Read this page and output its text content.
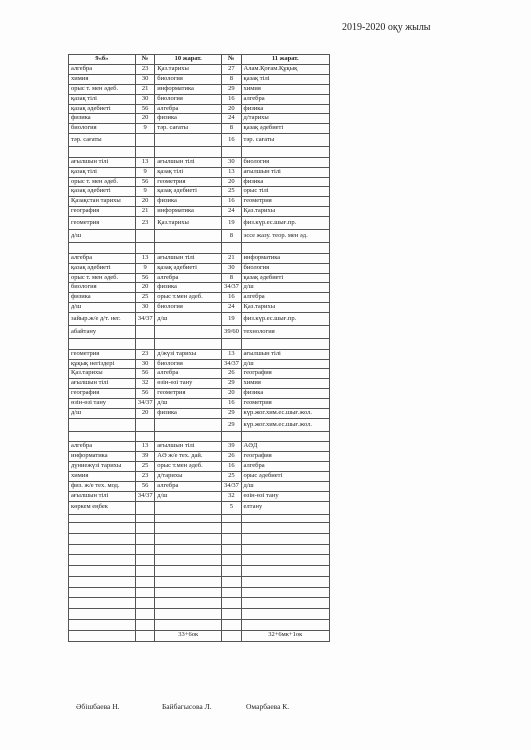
2019-2020 оқу жылы
9«б»	№	10 жарат.	№	11 жарат.
алгебра	23	Қаз.тарихы	27	Алам.Қоғам.Құқық
химия	30	биология	8	қазақ тілі
орыс т. мен әдеб.	21	информатика	29	химия
қазақ тілі	30	биология	16	алгебра
қазақ әдебиеті	56	алгебра	20	физика
физика	20	физика	24	д/тарихы
биология	9	тәр. сағаты	8	қазақ әдебиеті
тәр. сағаты			16	тәр. сағаты

ағылшын тілі	13	ағылшын тілі	30	биология
қазақ тілі	9	қазақ тілі	13	ағылшын тілі
орыс т. мен әдеб.	56	геометрия	20	физика
қазақ әдебиеті	9	қазақ әдебиеті	25	орыс тілі
Қазақстан тарихы	20	физика	16	геометрия
география	21	информатика	24	Қаз.тарихы
геометрия	23	Қаз.тарихы	19	физ.күр.ес.шығ.пр.
д/ш			8	эссе жазу. теор. мен әд.

алгебра	13	ағылшын тілі	21	информатика
қазақ әдебиеті	9	қазақ әдебиеті	30	биология
орыс т. мен әдеб.	56	алгебра	8	қазақ әдебиеті
биология	20	физика	34/37	д/ш
физика	25	орыс т.мен әдеб.	16	алгебра
д/ш	30	биология	24	Қаз.тарихы
зайыр.ж/е д/т. нег.	34/37	д/ш	19	физ.күр.ес.шығ.пр.
абайтану			39/60	технология

геометрия	23	д/жүзі тарихы	13	ағылшын тілі
құқық негіздері	30	биология	34/37	д/ш
Қаз.тарихы	56	алгебра	26	география
ағылшын тілі	32	өзін-өзі тану	29	химия
география	56	геометрия	20	физика
өзін-өзі тану	34/37	д/ш	16	геометрия
д/ш	20	физика	29	күр.жог.хим.ес.шығ.жол.
			29	күр.жог.хим.ес.шығ.жол.

алгебра	13	ағылшын тілі	39	АӘД
информатика	39	АӘ ж/е тех. дай.	26	география
дүниежүзі тарихы	25	орыс т.мен әдеб.	16	алгебра
химия	23	д/тарихы	25	орыс әдебиеті
физ. ж/е тех. мод.	56	алгебра	34/37	д/ш
ағылшын тілі	34/37	д/ш	32	өзін-өзі тану
көркем еңбек			5	елтану

		33+6ок		32+6мк+1ок
Әбішбаева Н.	Байбагысова Л.	Омарбаева К.
